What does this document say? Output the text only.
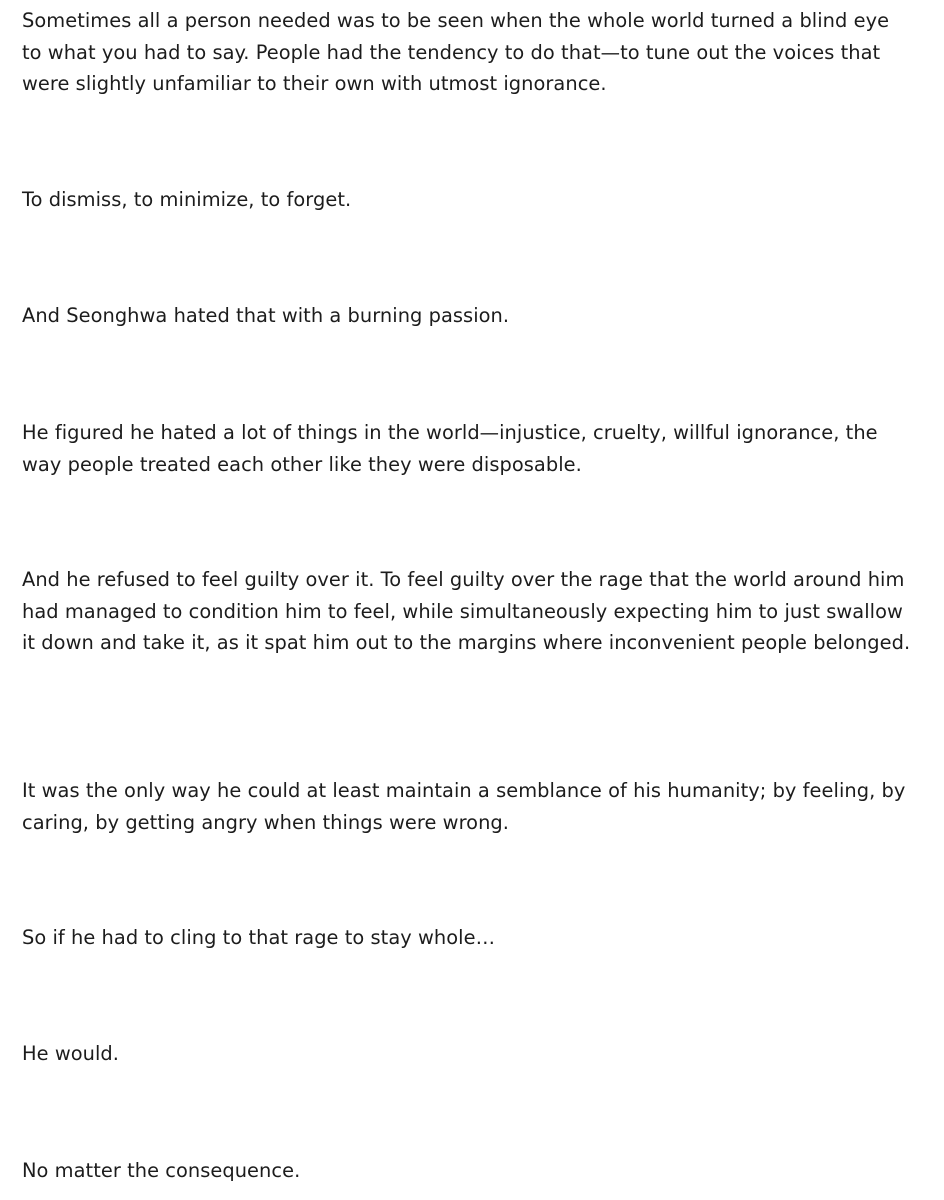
Sometimes all a person needed was to be seen when the whole world turned a blind eye to what you had to say. People had the tendency to do that—to tune out the voices that were slightly unfamiliar to their own with utmost ignorance.

To dismiss, to minimize, to forget.

And Seonghwa hated that with a burning passion.

He figured he hated a lot of things in the world—injustice, cruelty, willful ignorance, the way people treated each other like they were disposable.

And he refused to feel guilty over it. To feel guilty over the rage that the world around him had managed to condition him to feel, while simultaneously expecting him to just swallow it down and take it, as it spat him out to the margins where inconvenient people belonged.

It was the only way he could at least maintain a semblance of his humanity; by feeling, by caring, by getting angry when things were wrong.

So if he had to cling to that rage to stay whole…

He would.

No matter the consequence.
